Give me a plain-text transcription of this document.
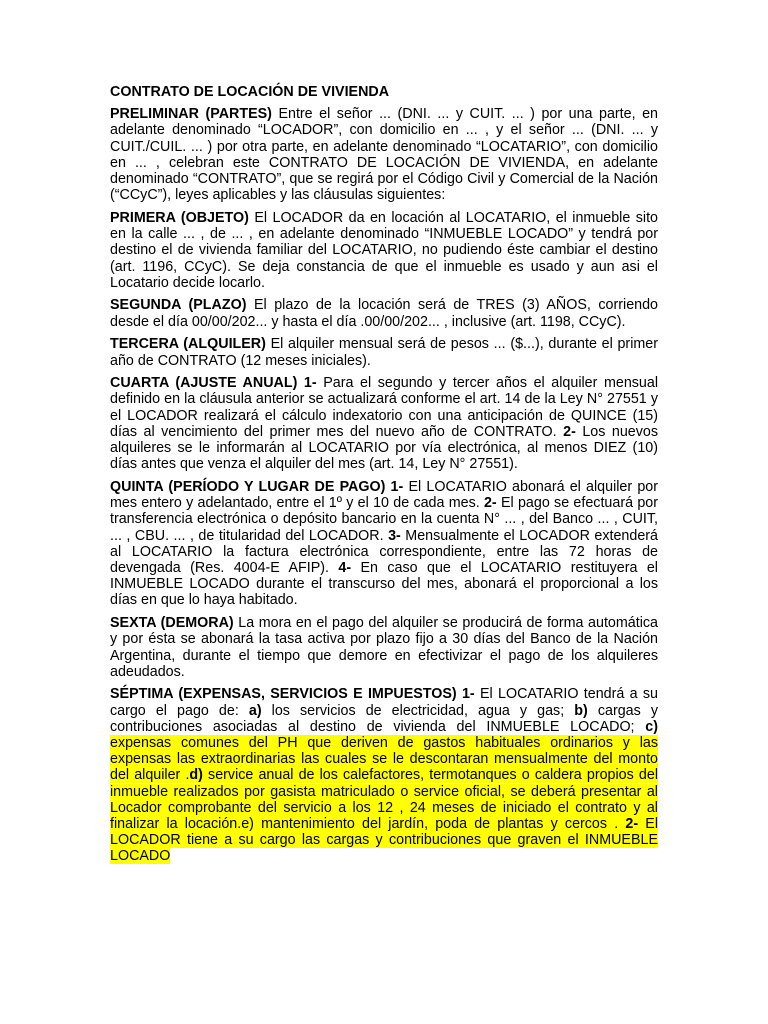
CONTRATO DE LOCACIÓN DE VIVIENDA

PRELIMINAR (PARTES) Entre el señor ... (DNI. ... y CUIT. ... ) por una parte, en adelante denominado “LOCADOR”, con domicilio en ... , y el señor ... (DNI. ... y CUIT./CUIL. ... ) por otra parte, en adelante denominado “LOCATARIO”, con domicilio en ... , celebran este CONTRATO DE LOCACIÓN DE VIVIENDA, en adelante denominado “CONTRATO”, que se regirá por el Código Civil y Comercial de la Nación (“CCyC”), leyes aplicables y las cláusulas siguientes:

PRIMERA (OBJETO) El LOCADOR da en locación al LOCATARIO, el inmueble sito en la calle ... , de ... , en adelante denominado “INMUEBLE LOCADO” y tendrá por destino el de vivienda familiar del LOCATARIO, no pudiendo éste cambiar el destino (art. 1196, CCyC). Se deja constancia de que el inmueble es usado y aun asi el Locatario decide locarlo.

SEGUNDA (PLAZO) El plazo de la locación será de TRES (3) AÑOS, corriendo desde el día 00/00/202... y hasta el día .00/00/202... , inclusive (art. 1198, CCyC).

TERCERA (ALQUILER) El alquiler mensual será de pesos ... ($...), durante el primer año de CONTRATO (12 meses iniciales).

CUARTA (AJUSTE ANUAL) 1- Para el segundo y tercer años el alquiler mensual definido en la cláusula anterior se actualizará conforme el art. 14 de la Ley N° 27551 y el LOCADOR realizará el cálculo indexatorio con una anticipación de QUINCE (15) días al vencimiento del primer mes del nuevo año de CONTRATO. 2- Los nuevos alquileres se le informarán al LOCATARIO por vía electrónica, al menos DIEZ (10) días antes que venza el alquiler del mes (art. 14, Ley N° 27551).

QUINTA (PERÍODO Y LUGAR DE PAGO) 1- El LOCATARIO abonará el alquiler por mes entero y adelantado, entre el 1º y el 10 de cada mes. 2- El pago se efectuará por transferencia electrónica o depósito bancario en la cuenta N° ... , del Banco ... , CUIT, ... , CBU. ... , de titularidad del LOCADOR. 3- Mensualmente el LOCADOR extenderá al LOCATARIO la factura electrónica correspondiente, entre las 72 horas de devengada (Res. 4004-E AFIP). 4- En caso que el LOCATARIO restituyera el INMUEBLE LOCADO durante el transcurso del mes, abonará el proporcional a los días en que lo haya habitado.

SEXTA (DEMORA) La mora en el pago del alquiler se producirá de forma automática y por ésta se abonará la tasa activa por plazo fijo a 30 días del Banco de la Nación Argentina, durante el tiempo que demore en efectivizar el pago de los alquileres adeudados.

SÉPTIMA (EXPENSAS, SERVICIOS E IMPUESTOS) 1- El LOCATARIO tendrá a su cargo el pago de: a) los servicios de electricidad, agua y gas; b) cargas y contribuciones asociadas al destino de vivienda del INMUEBLE LOCADO; c) expensas comunes del PH que deriven de gastos habituales ordinarios y las expensas las extraordinarias las cuales se le descontaran mensualmente del monto del alquiler .d) service anual de los calefactores, termotanques o caldera propios del inmueble realizados por gasista matriculado o service oficial, se deberá presentar al Locador comprobante del servicio a los 12 , 24 meses de iniciado el contrato y al finalizar la locación.e) mantenimiento del jardín, poda de plantas y cercos . 2- El LOCADOR tiene a su cargo las cargas y contribuciones que graven el INMUEBLE LOCADO
